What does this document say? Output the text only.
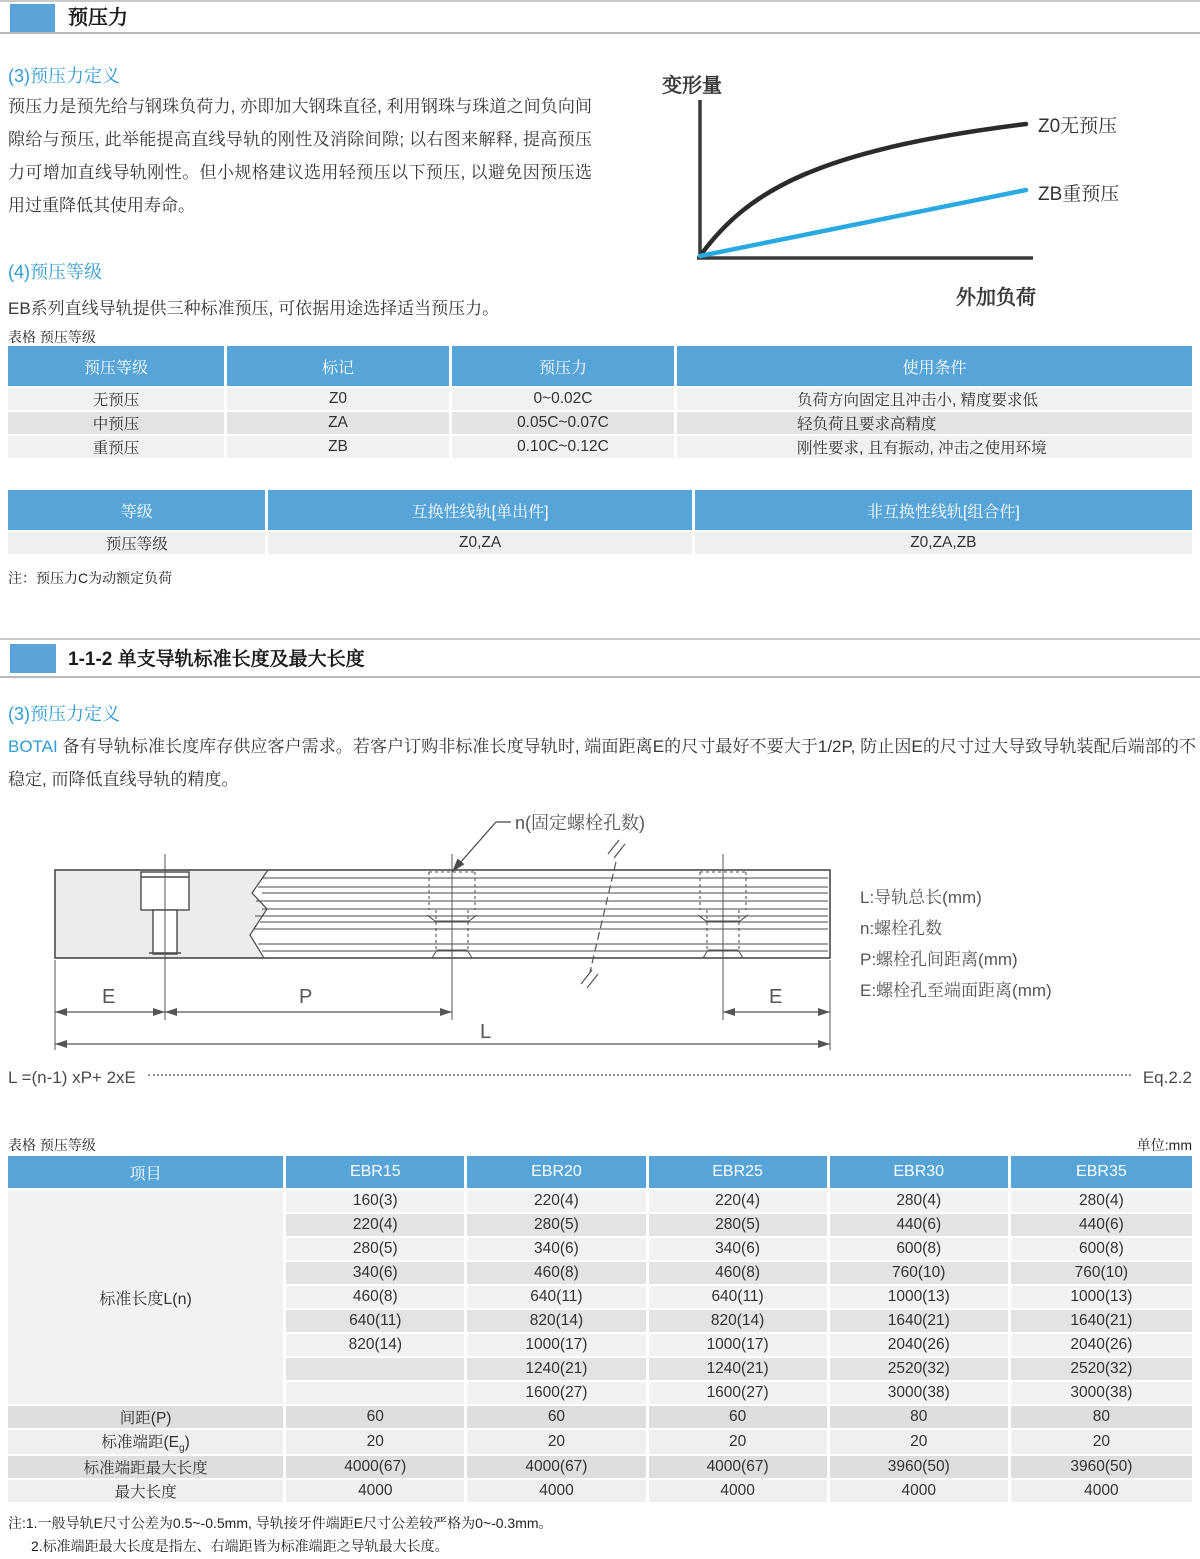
预压力
(3)预压力定义
预压力是预先给与钢珠负荷力, 亦即加大钢珠直径, 利用钢珠与珠道之间负向间隙给与预压, 此举能提高直线导轨的刚性及消除间隙; 以右图来解释, 提高预压力可增加直线导轨刚性。但小规格建议选用轻预压以下预压, 以避免因预压选用过重降低其使用寿命。
(4)预压等级
EB系列直线导轨提供三种标准预压, 可依据用途选择适当预压力。
变形量
Z0无预压
ZB重预压
外加负荷
表格 预压等级
预压等级	标记	预压力	使用条件
无预压	Z0	0~0.02C	负荷方向固定且冲击小, 精度要求低
中预压	ZA	0.05C~0.07C	轻负荷且要求高精度
重预压	ZB	0.10C~0.12C	刚性要求, 且有振动, 冲击之使用环境
等级	互换性线轨[单出件]	非互换性线轨[组合件]
预压等级	Z0,ZA	Z0,ZA,ZB
注：预压力C为动额定负荷
1-1-2 单支导轨标准长度及最大长度
(3)预压力定义
BOTAI 备有导轨标准长度库存供应客户需求。若客户订购非标准长度导轨时, 端面距离E的尺寸最好不要大于1/2P, 防止因E的尺寸过大导致导轨装配后端部的不稳定, 而降低直线导轨的精度。
n(固定螺栓孔数)
E	P	E
L
L:导轨总长(mm)
n:螺栓孔数
P:螺栓孔间距离(mm)
E:螺栓孔至端面距离(mm)
L =(n-1) xP+ 2xE	Eq.2.2
表格 预压等级	单位:mm
项目	EBR15	EBR20	EBR25	EBR30	EBR35
标准长度L(n)	160(3)	220(4)	220(4)	280(4)	280(4)
	220(4)	280(5)	280(5)	440(6)	440(6)
	280(5)	340(6)	340(6)	600(8)	600(8)
	340(6)	460(8)	460(8)	760(10)	760(10)
	460(8)	640(11)	640(11)	1000(13)	1000(13)
	640(11)	820(14)	820(14)	1640(21)	1640(21)
	820(14)	1000(17)	1000(17)	2040(26)	2040(26)
		1240(21)	1240(21)	2520(32)	2520(32)
		1600(27)	1600(27)	3000(38)	3000(38)
间距(P)	60	60	60	80	80
标准端距$(E_g)$	20	20	20	20	20
标准端距最大长度	4000(67)	4000(67)	4000(67)	3960(50)	3960(50)
最大长度	4000	4000	4000	4000	4000
注:1.一般导轨E尺寸公差为0.5~-0.5mm, 导轨接牙件端距E尺寸公差较严格为0~-0.3mm。
2.标准端距最大长度是指左、右端距皆为标准端距之导轨最大长度。
